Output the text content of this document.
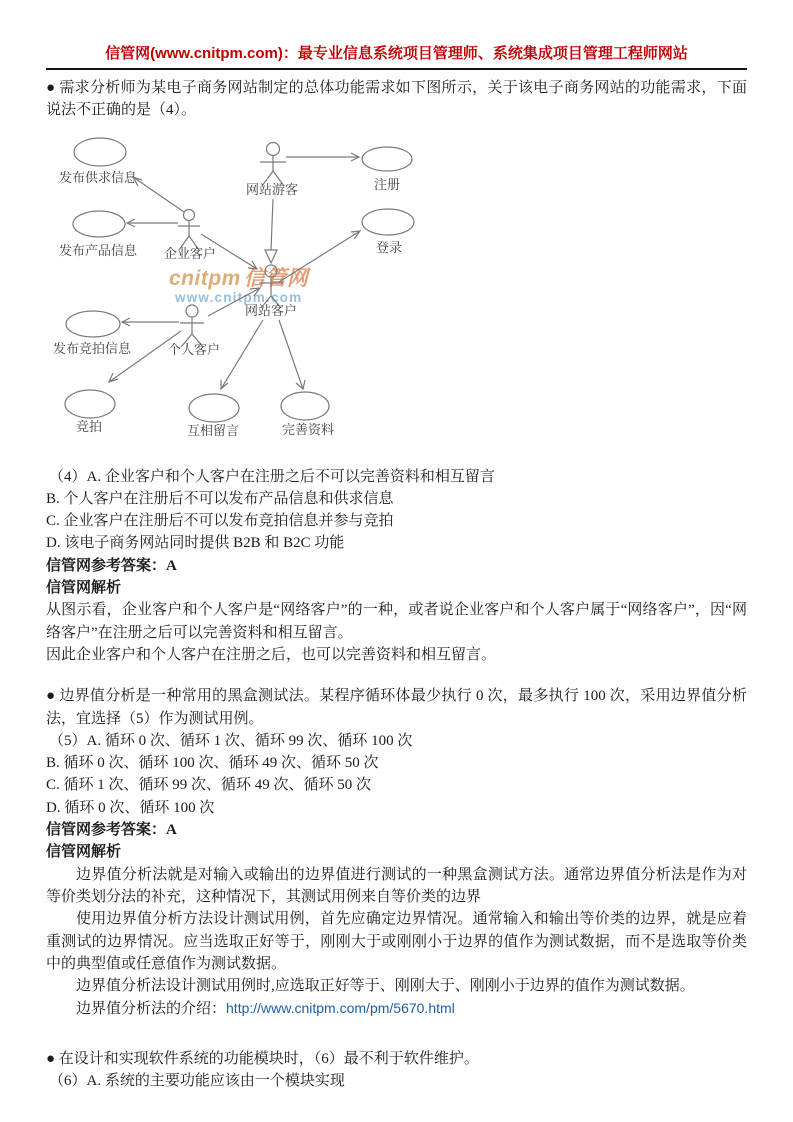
信管网(www.cnitpm.com)：最专业信息系统项目管理师、系统集成项目管理工程师网站

● 需求分析师为某电子商务网站制定的总体功能需求如下图所示，关于该电子商务网站的功能需求，下面说法不正确的是（4）。

cnitpm 信管网
www.cnitpm.com
发布供求信息	注册
发布产品信息	登录
发布竞拍信息
竞拍	互相留言	完善资料
网站游客
企业客户
网站客户
个人客户
（4）A. 企业客户和个人客户在注册之后不可以完善资料和相互留言
B. 个人客户在注册后不可以发布产品信息和供求信息
C. 企业客户在注册后不可以发布竞拍信息并参与竞拍
D. 该电子商务网站同时提供 B2B 和 B2C 功能

信管网参考答案：A

信管网解析

从图示看，企业客户和个人客户是“网络客户”的一种，或者说企业客户和个人客户属于“网络客户”，因“网络客户”在注册之后可以完善资料和相互留言。

因此企业客户和个人客户在注册之后，也可以完善资料和相互留言。

● 边界值分析是一种常用的黑盒测试法。某程序循环体最少执行 0 次，最多执行 100 次，采用边界值分析法，宜选择（5）作为测试用例。

（5）A. 循环 0 次、循环 1 次、循环 99 次、循环 100 次
B. 循环 0 次、循环 100 次、循环 49 次、循环 50 次
C. 循环 1 次、循环 99 次、循环 49 次、循环 50 次
D. 循环 0 次、循环 100 次

信管网参考答案：A

信管网解析

边界值分析法就是对输入或输出的边界值进行测试的一种黑盒测试方法。通常边界值分析法是作为对等价类划分法的补充，这种情况下，其测试用例来自等价类的边界

使用边界值分析方法设计测试用例，首先应确定边界情况。通常输入和输出等价类的边界，就是应着重测试的边界情况。应当选取正好等于，刚刚大于或刚刚小于边界的值作为测试数据，而不是选取等价类中的典型值或任意值作为测试数据。

边界值分析法设计测试用例时,应选取正好等于、刚刚大于、刚刚小于边界的值作为测试数据。

边界值分析法的介绍：http://www.cnitpm.com/pm/5670.html

● 在设计和实现软件系统的功能模块时，（6）最不利于软件维护。

（6）A. 系统的主要功能应该由一个模块实现
